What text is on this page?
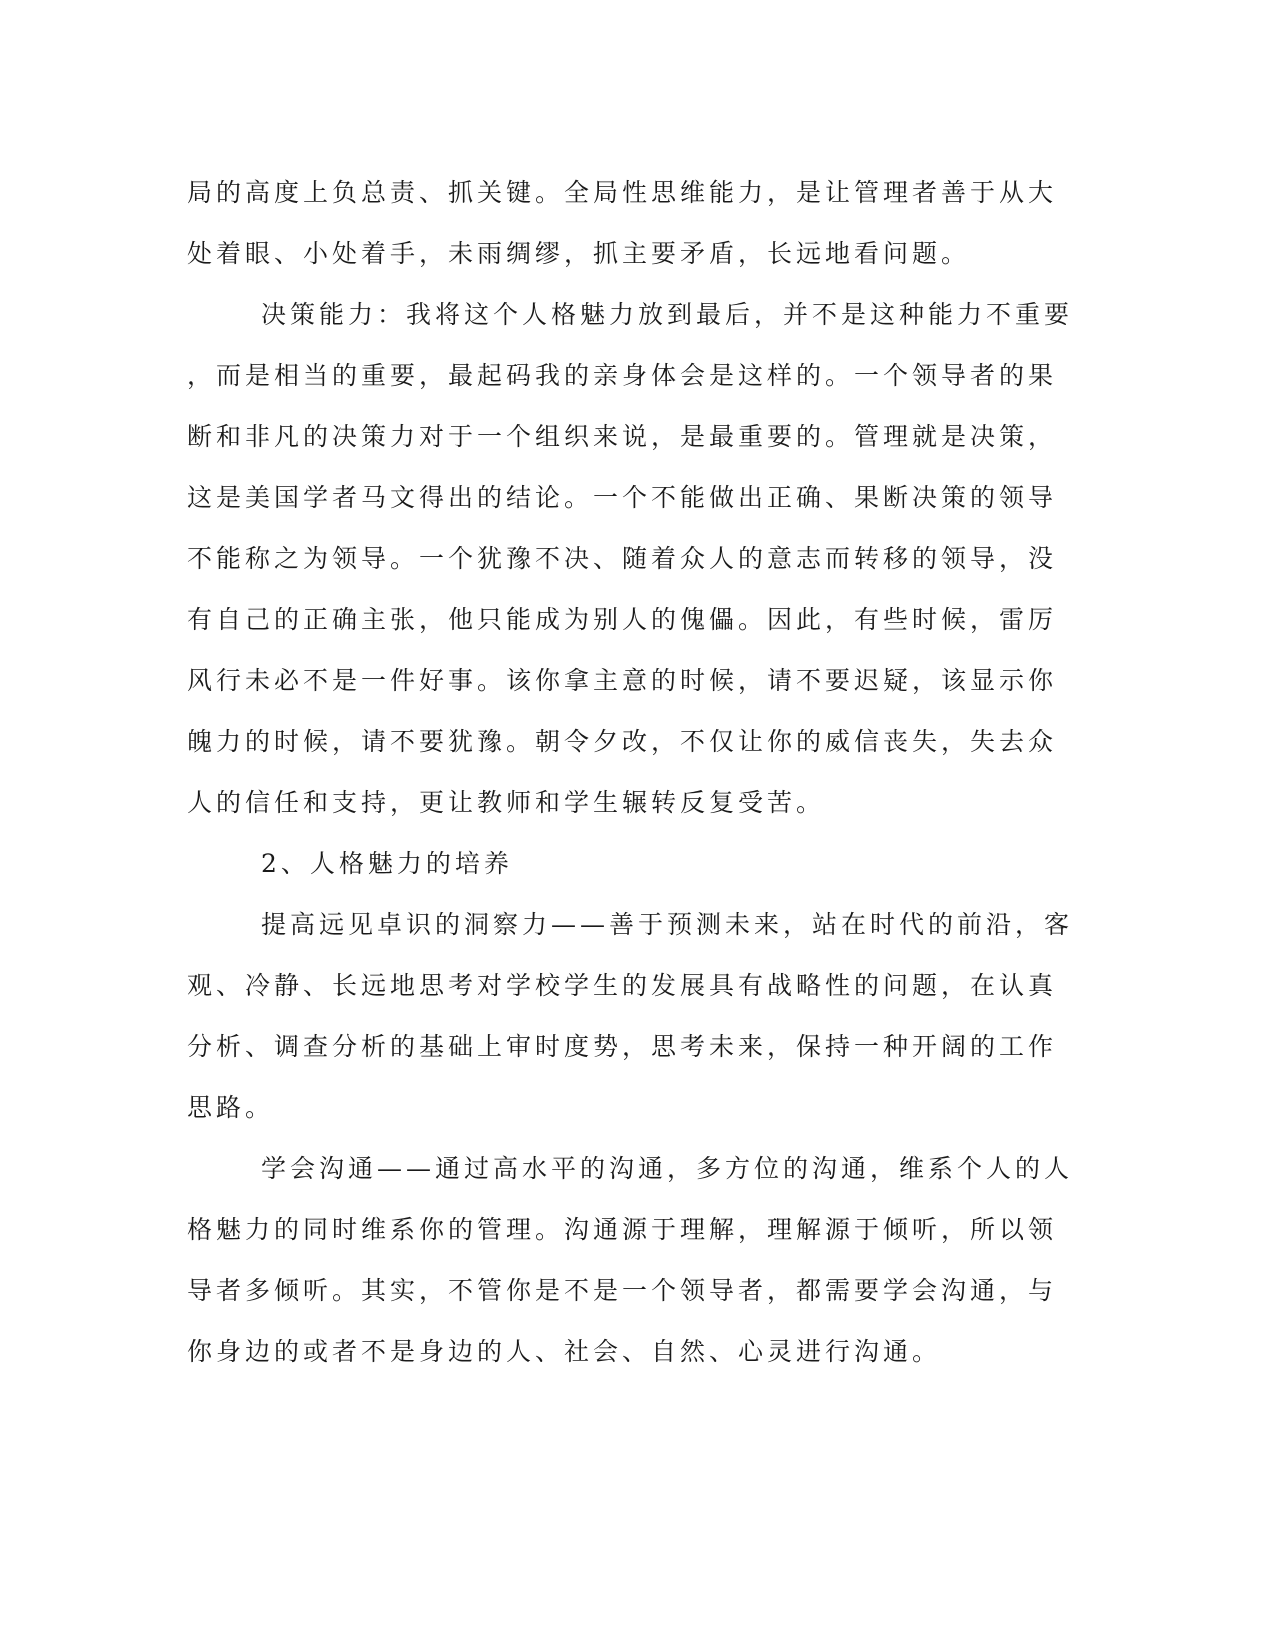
局的高度上负总责、抓关键。全局性思维能力，是让管理者善于从大
处着眼、小处着手，未雨绸缪，抓主要矛盾，长远地看问题。
决策能力：我将这个人格魅力放到最后，并不是这种能力不重要
，而是相当的重要，最起码我的亲身体会是这样的。一个领导者的果
断和非凡的决策力对于一个组织来说，是最重要的。管理就是决策，
这是美国学者马文得出的结论。一个不能做出正确、果断决策的领导
不能称之为领导。一个犹豫不决、随着众人的意志而转移的领导，没
有自己的正确主张，他只能成为别人的傀儡。因此，有些时候，雷厉
风行未必不是一件好事。该你拿主意的时候，请不要迟疑，该显示你
魄力的时候，请不要犹豫。朝令夕改，不仅让你的威信丧失，失去众
人的信任和支持，更让教师和学生辗转反复受苦。
2、人格魅力的培养
提高远见卓识的洞察力——善于预测未来，站在时代的前沿，客
观、冷静、长远地思考对学校学生的发展具有战略性的问题，在认真
分析、调查分析的基础上审时度势，思考未来，保持一种开阔的工作
思路。
学会沟通——通过高水平的沟通，多方位的沟通，维系个人的人
格魅力的同时维系你的管理。沟通源于理解，理解源于倾听，所以领
导者多倾听。其实，不管你是不是一个领导者，都需要学会沟通，与
你身边的或者不是身边的人、社会、自然、心灵进行沟通。
